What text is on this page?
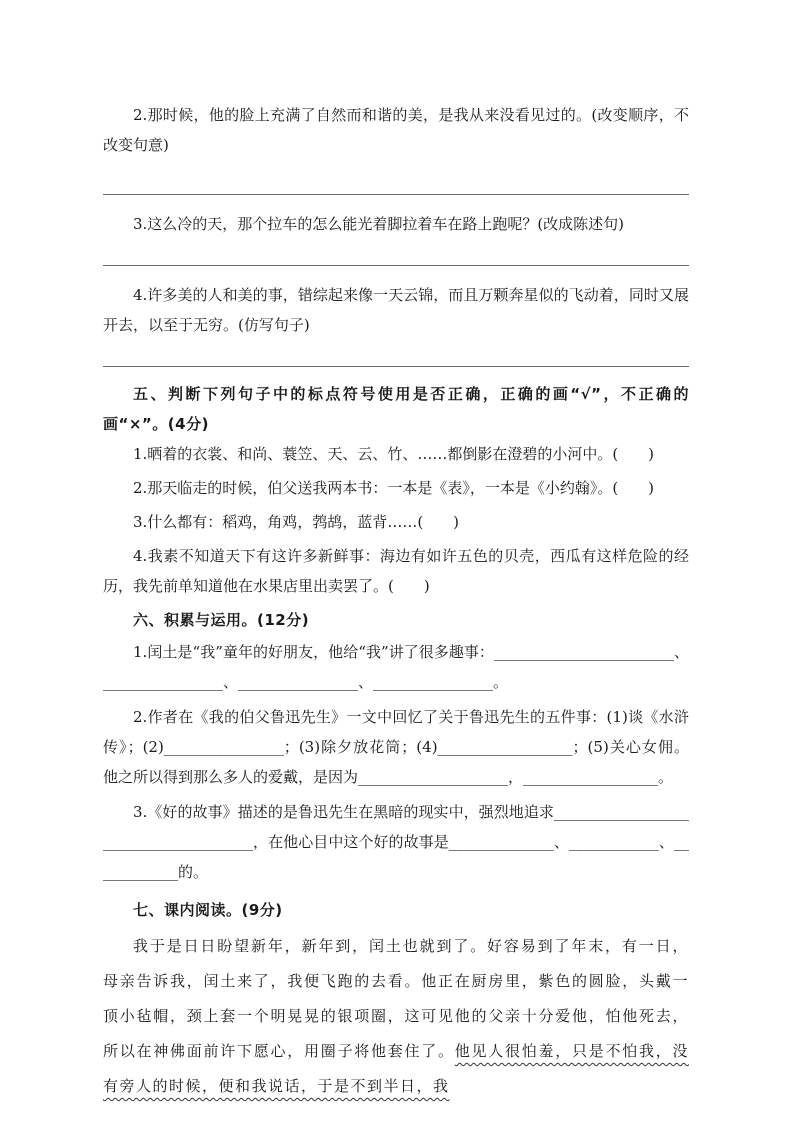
2.那时候，他的脸上充满了自然而和谐的美，是我从来没看见过的。(改变顺序，不改变句意)

3.这么冷的天，那个拉车的怎么能光着脚拉着车在路上跑呢？(改成陈述句)

4.许多美的人和美的事，错综起来像一天云锦，而且万颗奔星似的飞动着，同时又展开去，以至于无穷。(仿写句子)

五、判断下列句子中的标点符号使用是否正确，正确的画“√”，不正确的画“×”。(4分)

1.晒着的衣裳、和尚、蓑笠、天、云、竹、……都倒影在澄碧的小河中。(　　)

2.那天临走的时候，伯父送我两本书：一本是《表》，一本是《小约翰》。(　　)

3.什么都有：稻鸡，角鸡，鹁鸪，蓝背……(　　)

4.我素不知道天下有这许多新鲜事：海边有如许五色的贝壳，西瓜有这样危险的经历，我先前单知道他在水果店里出卖罢了。(　　)

六、积累与运用。(12分)

1.闰土是“我”童年的好朋友，他给“我”讲了很多趣事：________________________、________________、________________、________________。

2.作者在《我的伯父鲁迅先生》一文中回忆了关于鲁迅先生的五件事：(1)谈《水浒传》；(2)________________；(3)除夕放花筒；(4)__________________；(5)关心女佣。他之所以得到那么多人的爱戴，是因为____________________，__________________。

3.《好的故事》描述的是鲁迅先生在黑暗的现实中，强烈地追求______________________________________，在他心目中这个好的故事是______________、____________、____________的。

七、课内阅读。(9分)

我于是日日盼望新年，新年到，闰土也就到了。好容易到了年末，有一日，母亲告诉我，闰土来了，我便飞跑的去看。他正在厨房里，紫色的圆脸，头戴一顶小毡帽，颈上套一个明晃晃的银项圈，这可见他的父亲十分爱他，怕他死去，所以在神佛面前许下愿心，用圈子将他套住了。他见人很怕羞，只是不怕我，没有旁人的时候，便和我说话，于是不到半日，我
